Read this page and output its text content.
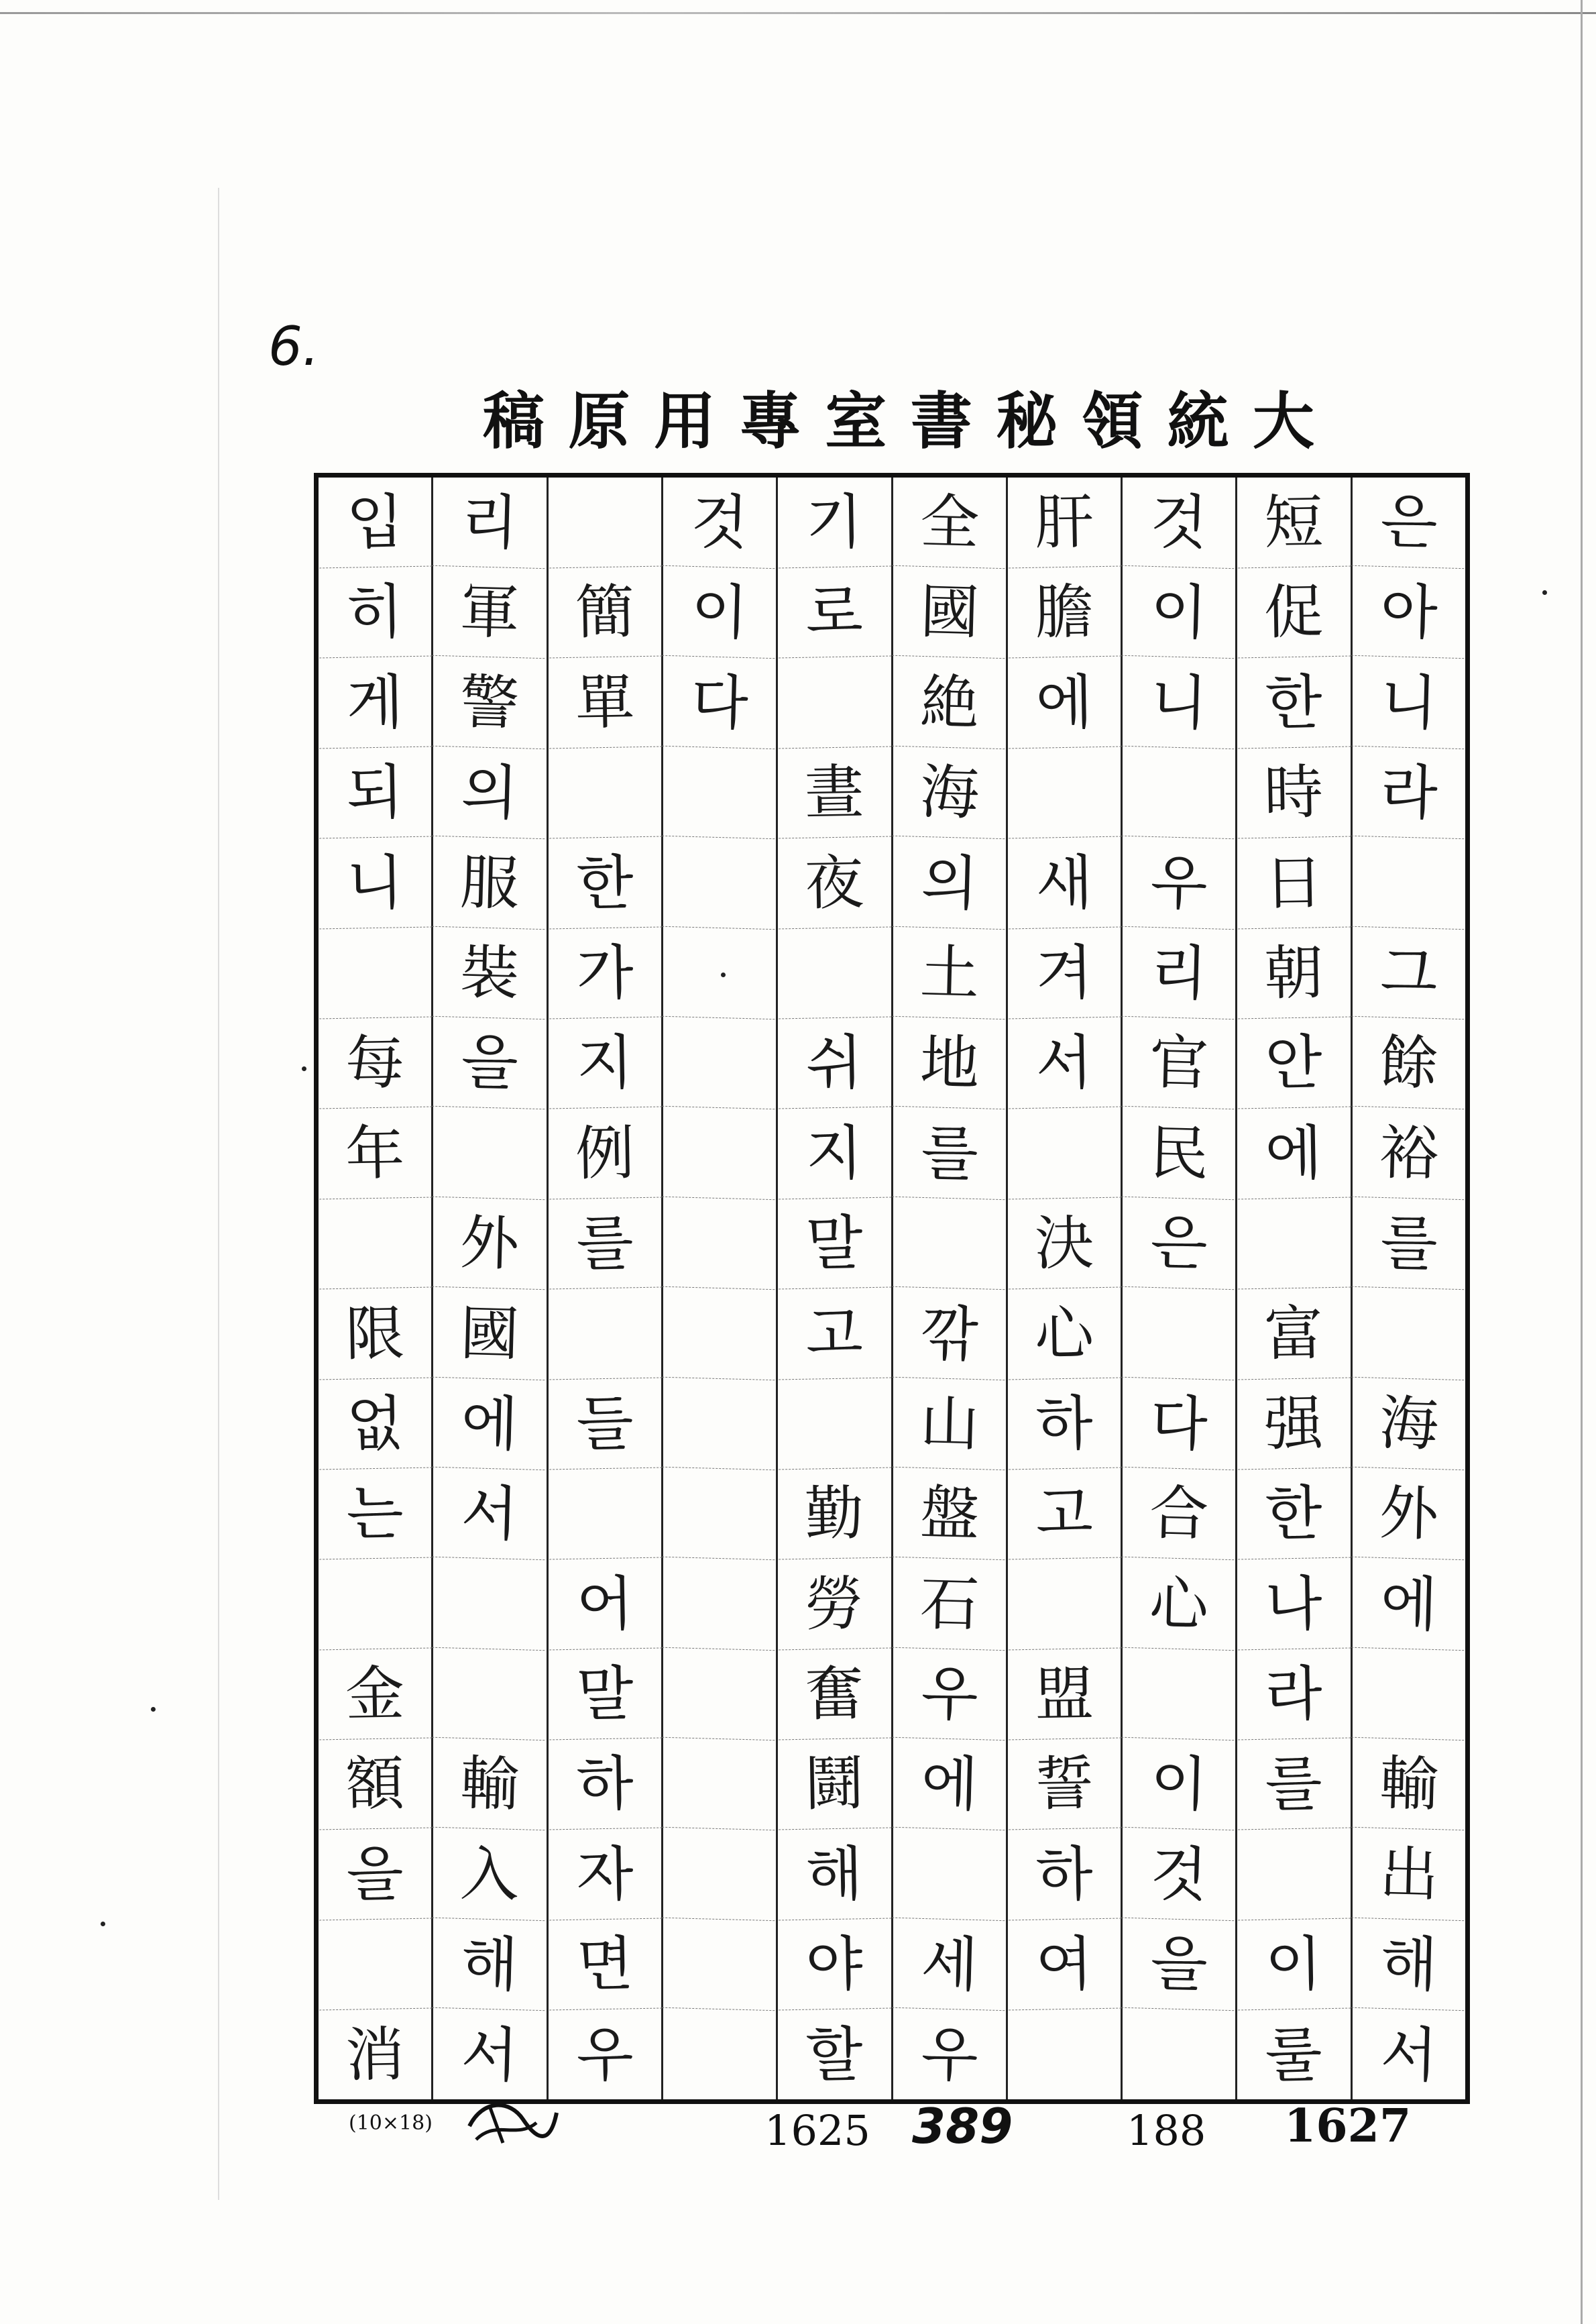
6.
稿 原 用 專 室 書 秘 領 統 大
은
아
니
라
그
餘
裕
를
海
外
에
輸
出
해
서
短
促
한
時
日
朝
안
에
富
强
한
나
라
를
이
룰
것
이
니
우
리
官
民
은
다
合
心
이
것
을
肝
膽
에
새
겨
서
決
心
하
고
盟
誓
하
여
全
國
絶
海
의
土
地
를
깎
山
盤
石
우
에
세
우
기
로
晝
夜
쉬
지
말
고
勤
勞
奮
鬪
해
야
할
것
이
다
簡
單
한
가
지
例
를
들
어
말
하
자
면
우
리
軍
警
의
服
裝
을
外
國
에
서
輸
入
해
서
입
히
게
되
니
每
年
限
없
는
金
額
을
消
(10×18)	1625 389	188 1627
